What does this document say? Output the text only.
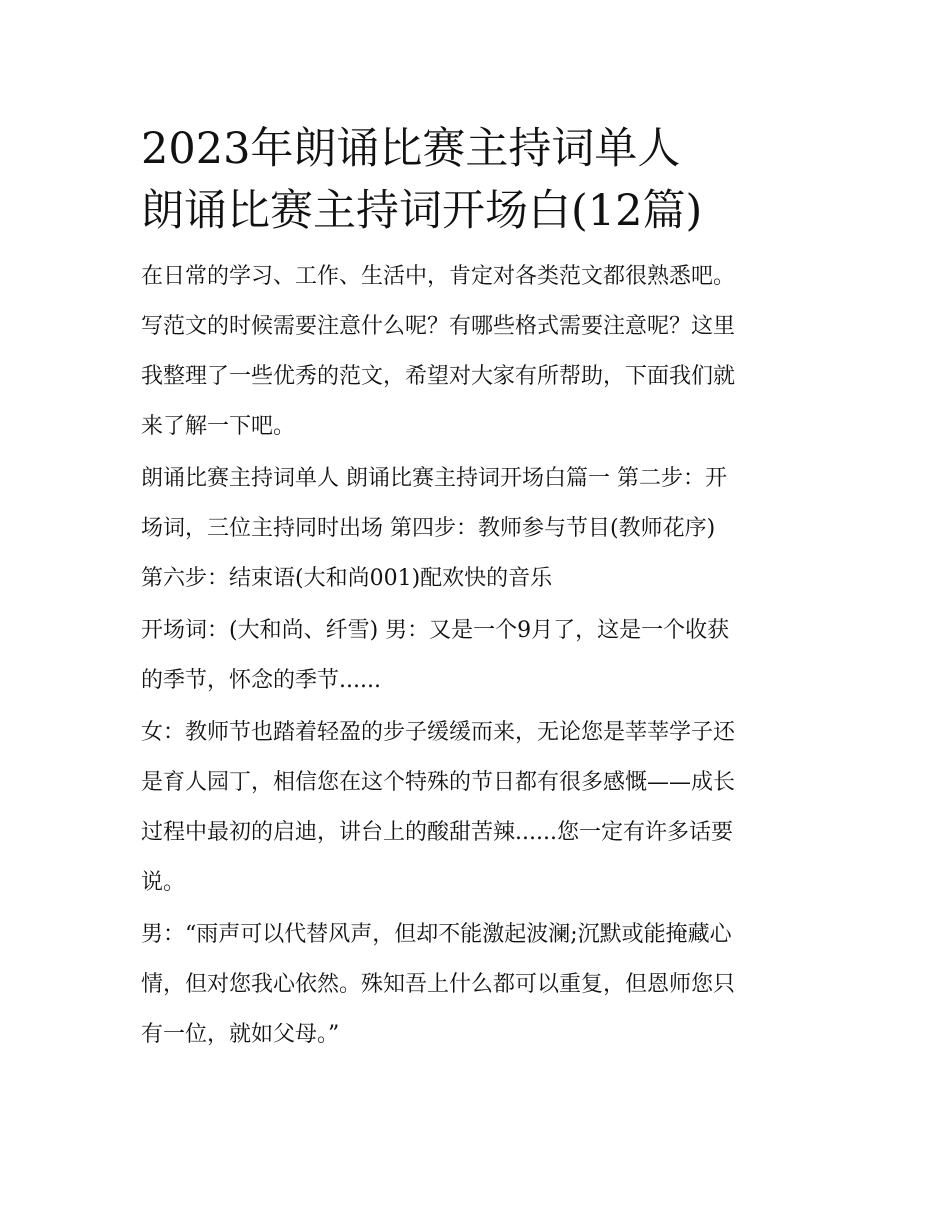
2023年朗诵比赛主持词单人
朗诵比赛主持词开场白(12篇)
在日常的学习、工作、生活中，肯定对各类范文都很熟悉吧。
写范文的时候需要注意什么呢？有哪些格式需要注意呢？这里
我整理了一些优秀的范文，希望对大家有所帮助，下面我们就
来了解一下吧。
朗诵比赛主持词单人 朗诵比赛主持词开场白篇一 第二步：开
场词，三位主持同时出场 第四步：教师参与节目(教师花序)
第六步：结束语(大和尚001)配欢快的音乐
开场词：(大和尚、纤雪) 男：又是一个9月了，这是一个收获
的季节，怀念的季节......
女：教师节也踏着轻盈的步子缓缓而来，无论您是莘莘学子还
是育人园丁，相信您在这个特殊的节日都有很多感慨——成长
过程中最初的启迪，讲台上的酸甜苦辣......您一定有许多话要
说。
男：“雨声可以代替风声，但却不能激起波澜;沉默或能掩藏心
情，但对您我心依然。殊知吾上什么都可以重复，但恩师您只
有一位，就如父母。”
